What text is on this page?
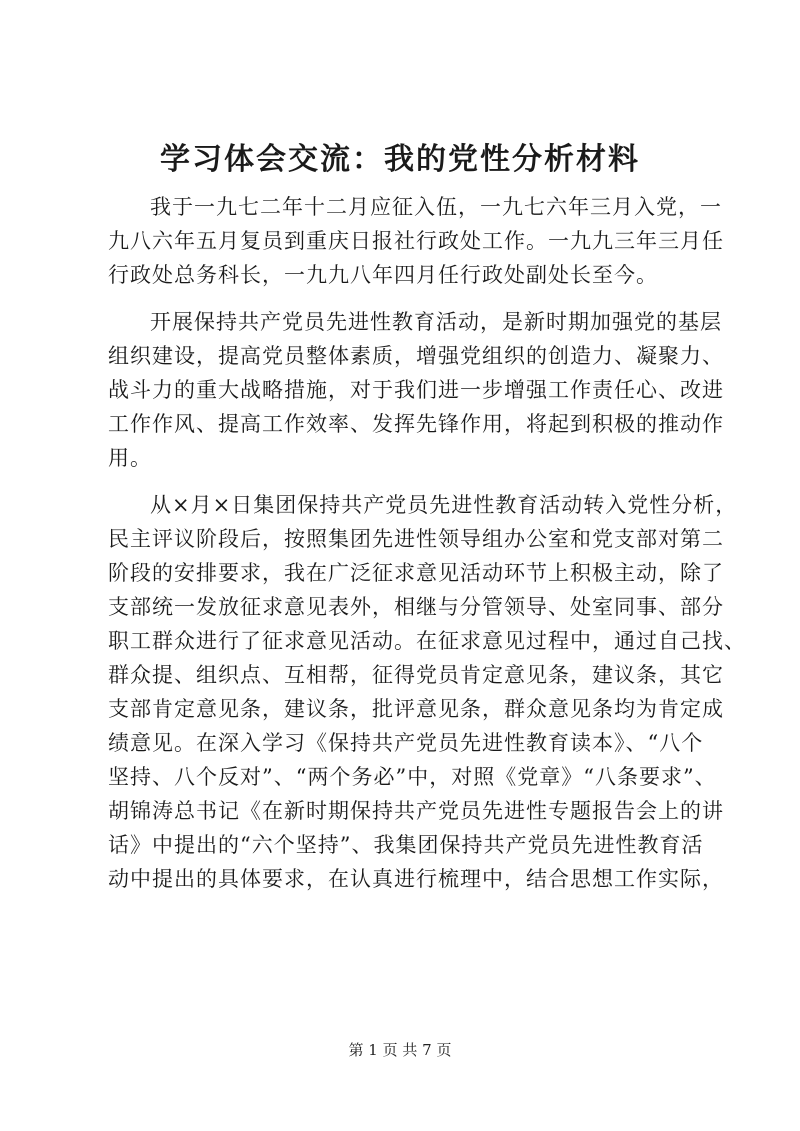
学习体会交流：我的党性分析材料
我于一九七二年十二月应征入伍，一九七六年三月入党，一
九八六年五月复员到重庆日报社行政处工作。一九九三年三月任
行政处总务科长，一九九八年四月任行政处副处长至今。
开展保持共产党员先进性教育活动，是新时期加强党的基层
组织建设，提高党员整体素质，增强党组织的创造力、凝聚力、
战斗力的重大战略措施，对于我们进一步增强工作责任心、改进
工作作风、提高工作效率、发挥先锋作用，将起到积极的推动作
用。
从×月×日集团保持共产党员先进性教育活动转入党性分析，
民主评议阶段后，按照集团先进性领导组办公室和党支部对第二
阶段的安排要求，我在广泛征求意见活动环节上积极主动，除了
支部统一发放征求意见表外，相继与分管领导、处室同事、部分
职工群众进行了征求意见活动。在征求意见过程中，通过自己找、
群众提、组织点、互相帮，征得党员肯定意见条，建议条，其它
支部肯定意见条，建议条，批评意见条，群众意见条均为肯定成
绩意见。在深入学习《保持共产党员先进性教育读本》、“八个
坚持、八个反对”、“两个务必”中，对照《党章》“八条要求”、
胡锦涛总书记《在新时期保持共产党员先进性专题报告会上的讲
话》中提出的“六个坚持”、我集团保持共产党员先进性教育活
动中提出的具体要求，在认真进行梳理中，结合思想工作实际，
第 1 页 共 7 页
